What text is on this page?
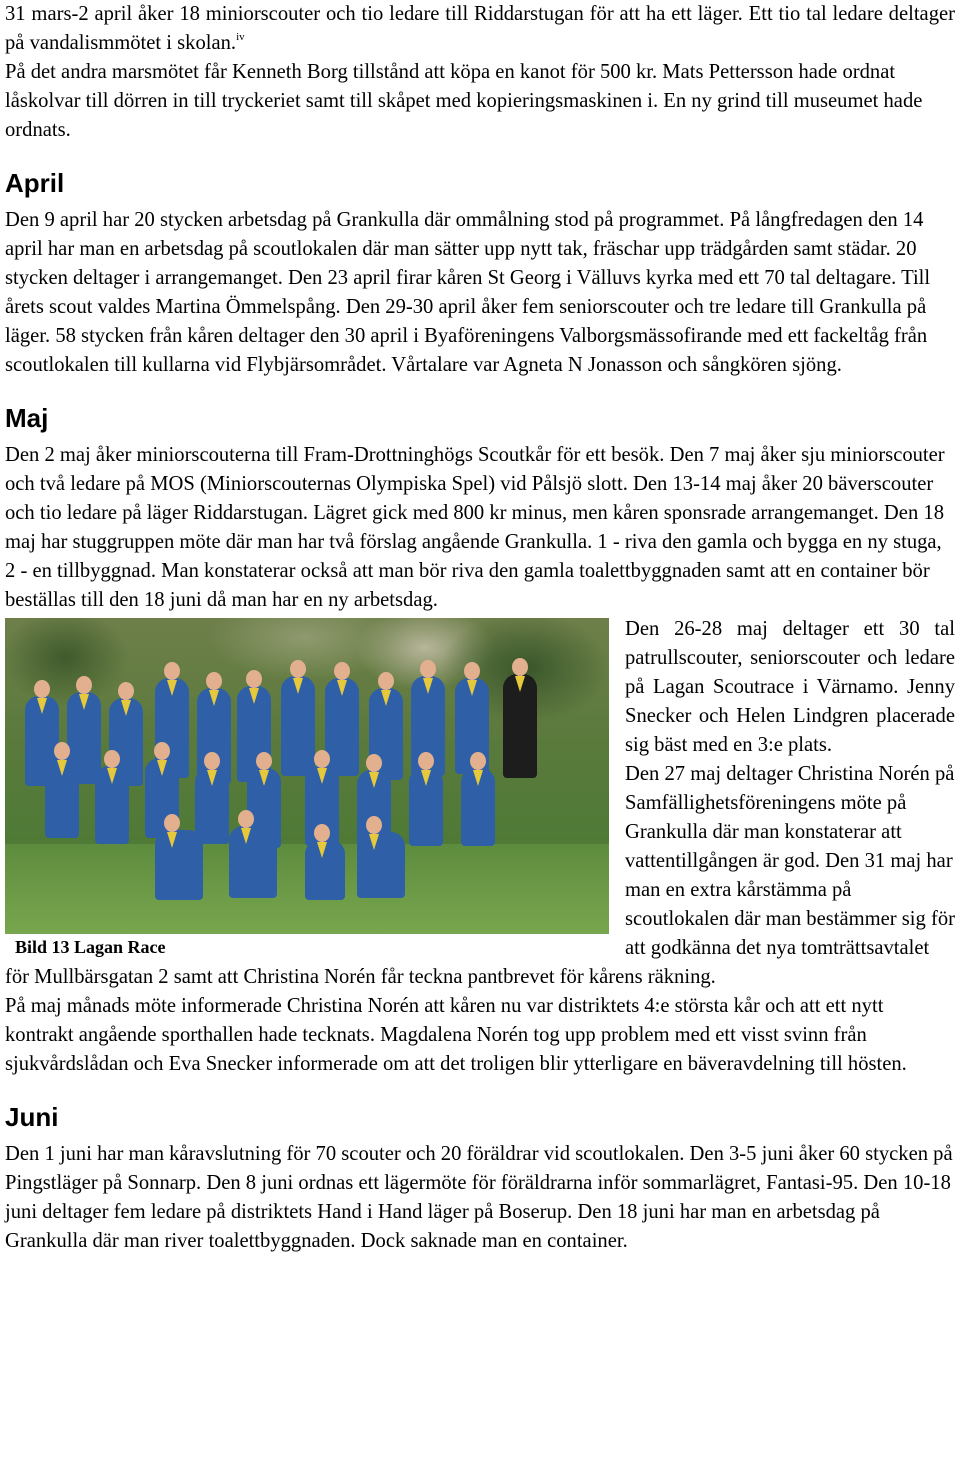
31 mars-2 april åker 18 miniorscouter och tio ledare till Riddarstugan för att ha ett läger. Ett tio tal ledare deltager på vandalismmötet i skolan.$^{iv}$

På det andra marsmötet får Kenneth Borg tillstånd att köpa en kanot för 500 kr. Mats Pettersson hade ordnat låskolvar till dörren in till tryckeriet samt till skåpet med kopieringsmaskinen i. En ny grind till museumet hade ordnats.

April

Den 9 april har 20 stycken arbetsdag på Grankulla där ommålning stod på programmet. På långfredagen den 14 april har man en arbetsdag på scoutlokalen där man sätter upp nytt tak, fräschar upp trädgården samt städar. 20 stycken deltager i arrangemanget. Den 23 april firar kåren St Georg i Välluvs kyrka med ett 70 tal deltagare. Till årets scout valdes Martina Ömmelspång. Den 29-30 april åker fem seniorscouter och tre ledare till Grankulla på läger. 58 stycken från kåren deltager den 30 april i Byaföreningens Valborgsmässofirande med ett fackeltåg från scoutlokalen till kullarna vid Flybjärsområdet. Vårtalare var Agneta N Jonasson och sångkören sjöng.

Maj

Den 2 maj åker miniorscouterna till Fram-Drottninghögs Scoutkår för ett besök. Den 7 maj åker sju miniorscouter och två ledare på MOS (Miniorscouternas Olympiska Spel) vid Pålsjö slott. Den 13-14 maj åker 20 bäverscouter och tio ledare på läger Riddarstugan. Lägret gick med 800 kr minus, men kåren sponsrade arrangemanget. Den 18 maj har stuggruppen möte där man har två förslag angående Grankulla. 1 - riva den gamla och bygga en ny stuga, 2 - en tillbyggnad. Man konstaterar också att man bör riva den gamla toalettbyggnaden samt att en container bör beställas till den 18 juni då man har en ny arbetsdag.

Bild 13 Lagan Race

Den 26-28 maj deltager ett 30 tal patrullscouter, seniorscouter och ledare på Lagan Scoutrace i Värnamo. Jenny Snecker och Helen Lindgren placerade sig bäst med en 3:e plats.

Den 27 maj deltager Christina Norén på Samfällighetsföreningens möte på Grankulla där man konstaterar att vattentillgången är god. Den 31 maj har man en extra kårstämma på scoutlokalen där man bestämmer sig för att godkänna det nya tomträttsavtalet för Mullbärsgatan 2 samt att Christina Norén får teckna pantbrevet för kårens räkning.

På maj månads möte informerade Christina Norén att kåren nu var distriktets 4:e största kår och att ett nytt kontrakt angående sporthallen hade tecknats. Magdalena Norén tog upp problem med ett visst svinn från sjukvårdslådan och Eva Snecker informerade om att det troligen blir ytterligare en bäveravdelning till hösten.

Juni

Den 1 juni har man kåravslutning för 70 scouter och 20 föräldrar vid scoutlokalen. Den 3-5 juni åker 60 stycken på Pingstläger på Sonnarp. Den 8 juni ordnas ett lägermöte för föräldrarna inför sommarlägret, Fantasi-95. Den 10-18 juni deltager fem ledare på distriktets Hand i Hand läger på Boserup. Den 18 juni har man en arbetsdag på Grankulla där man river toalettbyggnaden. Dock saknade man en container.
